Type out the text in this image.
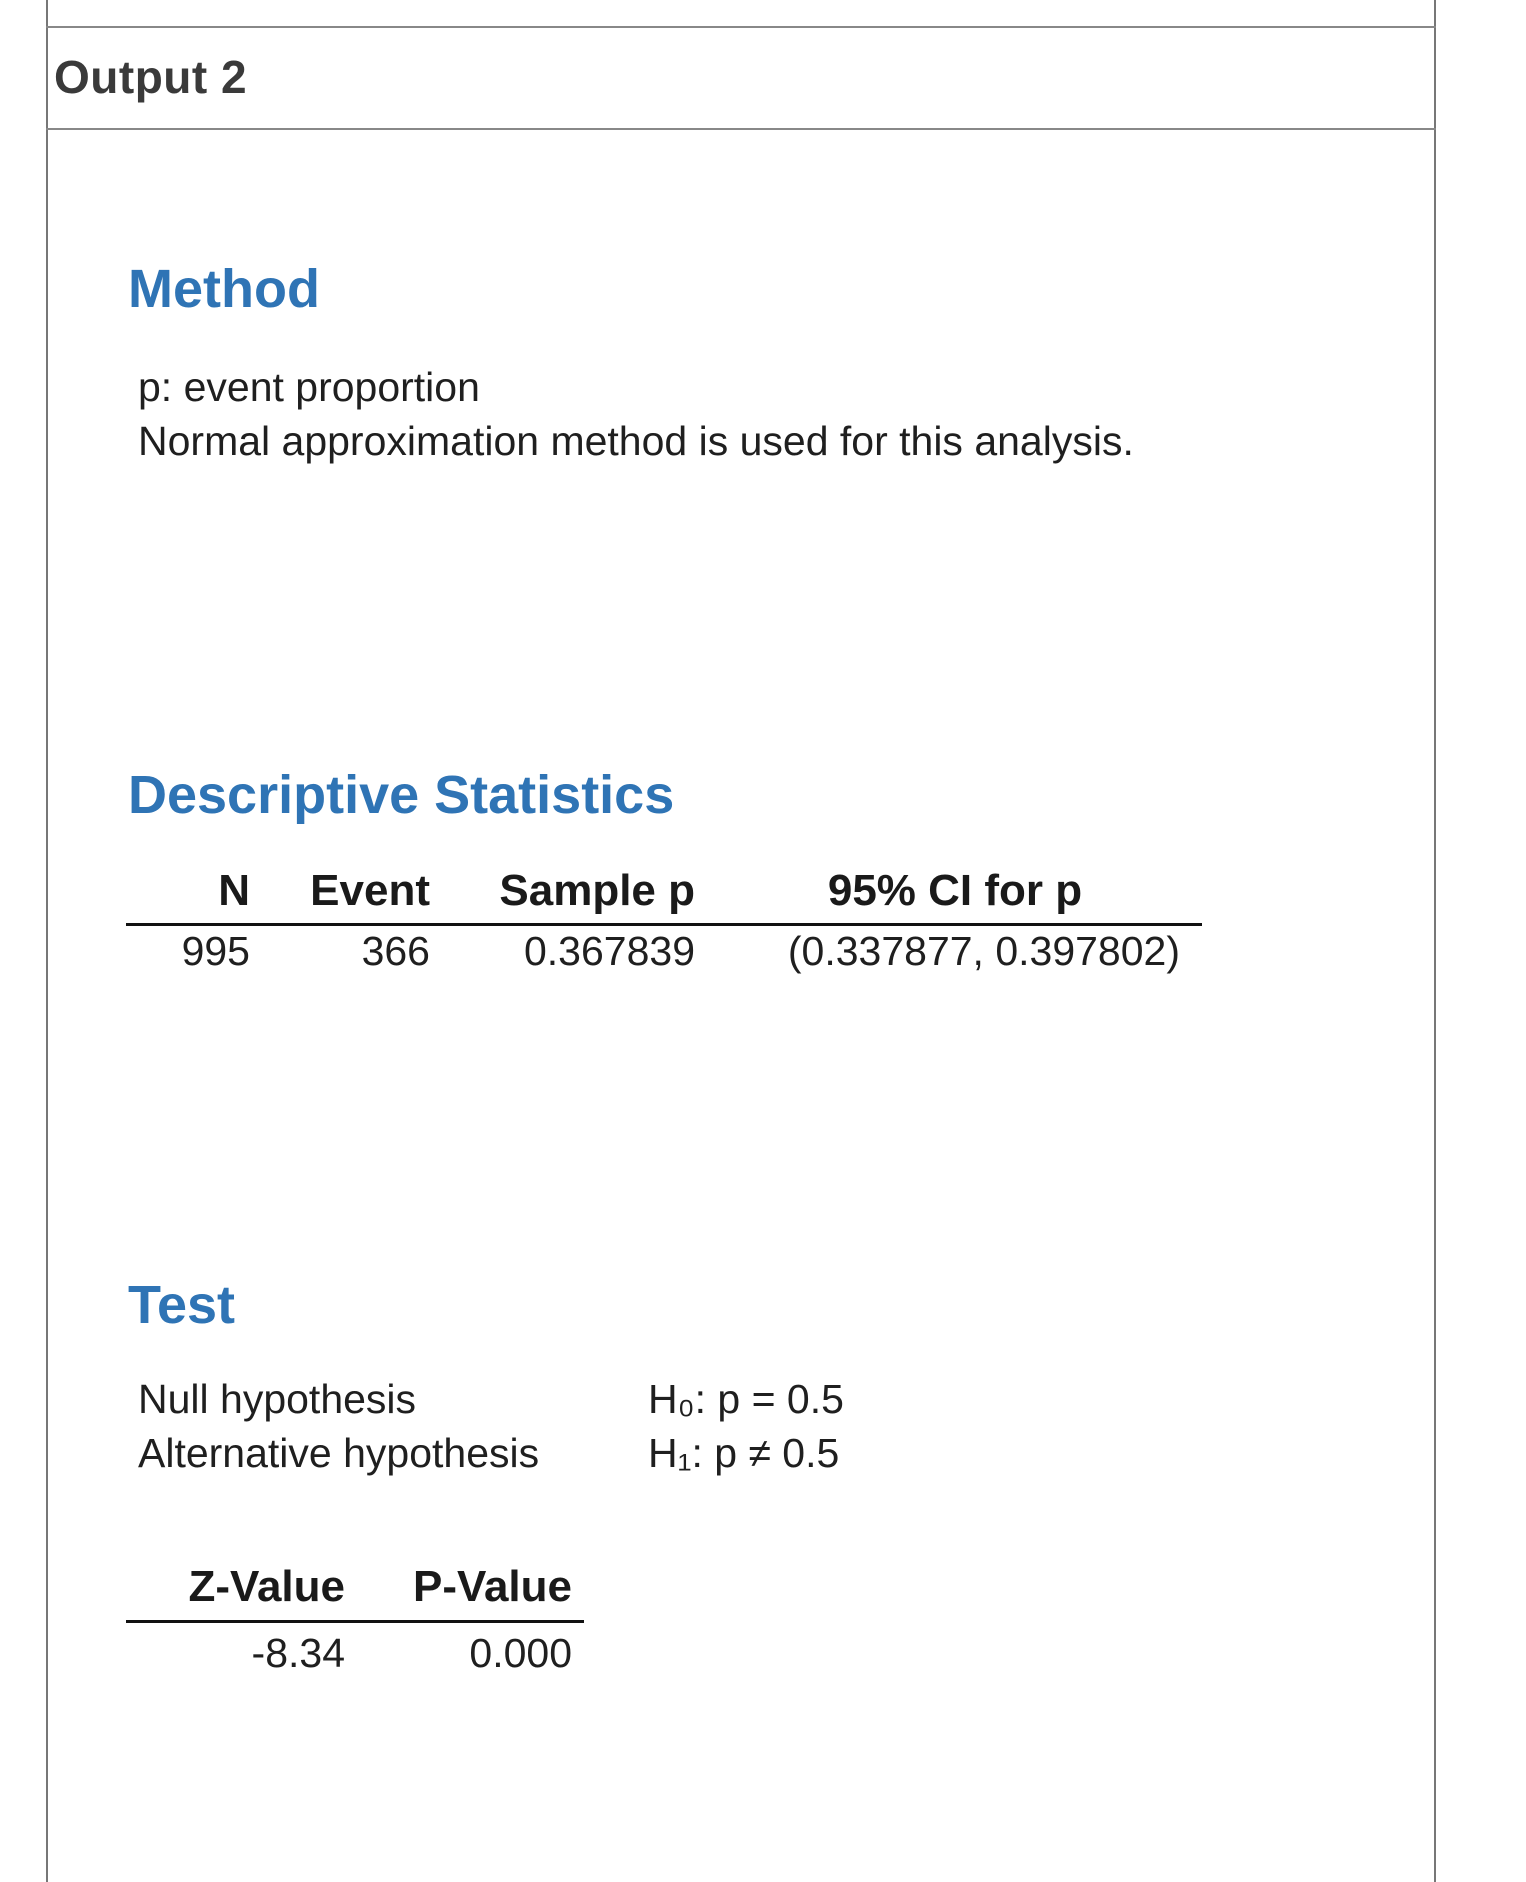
Output 2
Method
p: event proportion
Normal approximation method is used for this analysis.
Descriptive Statistics
N	Event	Sample p	95% CI for p
995	366	0.367839	(0.337877, 0.397802)
Test
Null hypothesis	H₀: p = 0.5
Alternative hypothesis	H₁: p ≠ 0.5
Z-Value	P-Value
-8.34	0.000
